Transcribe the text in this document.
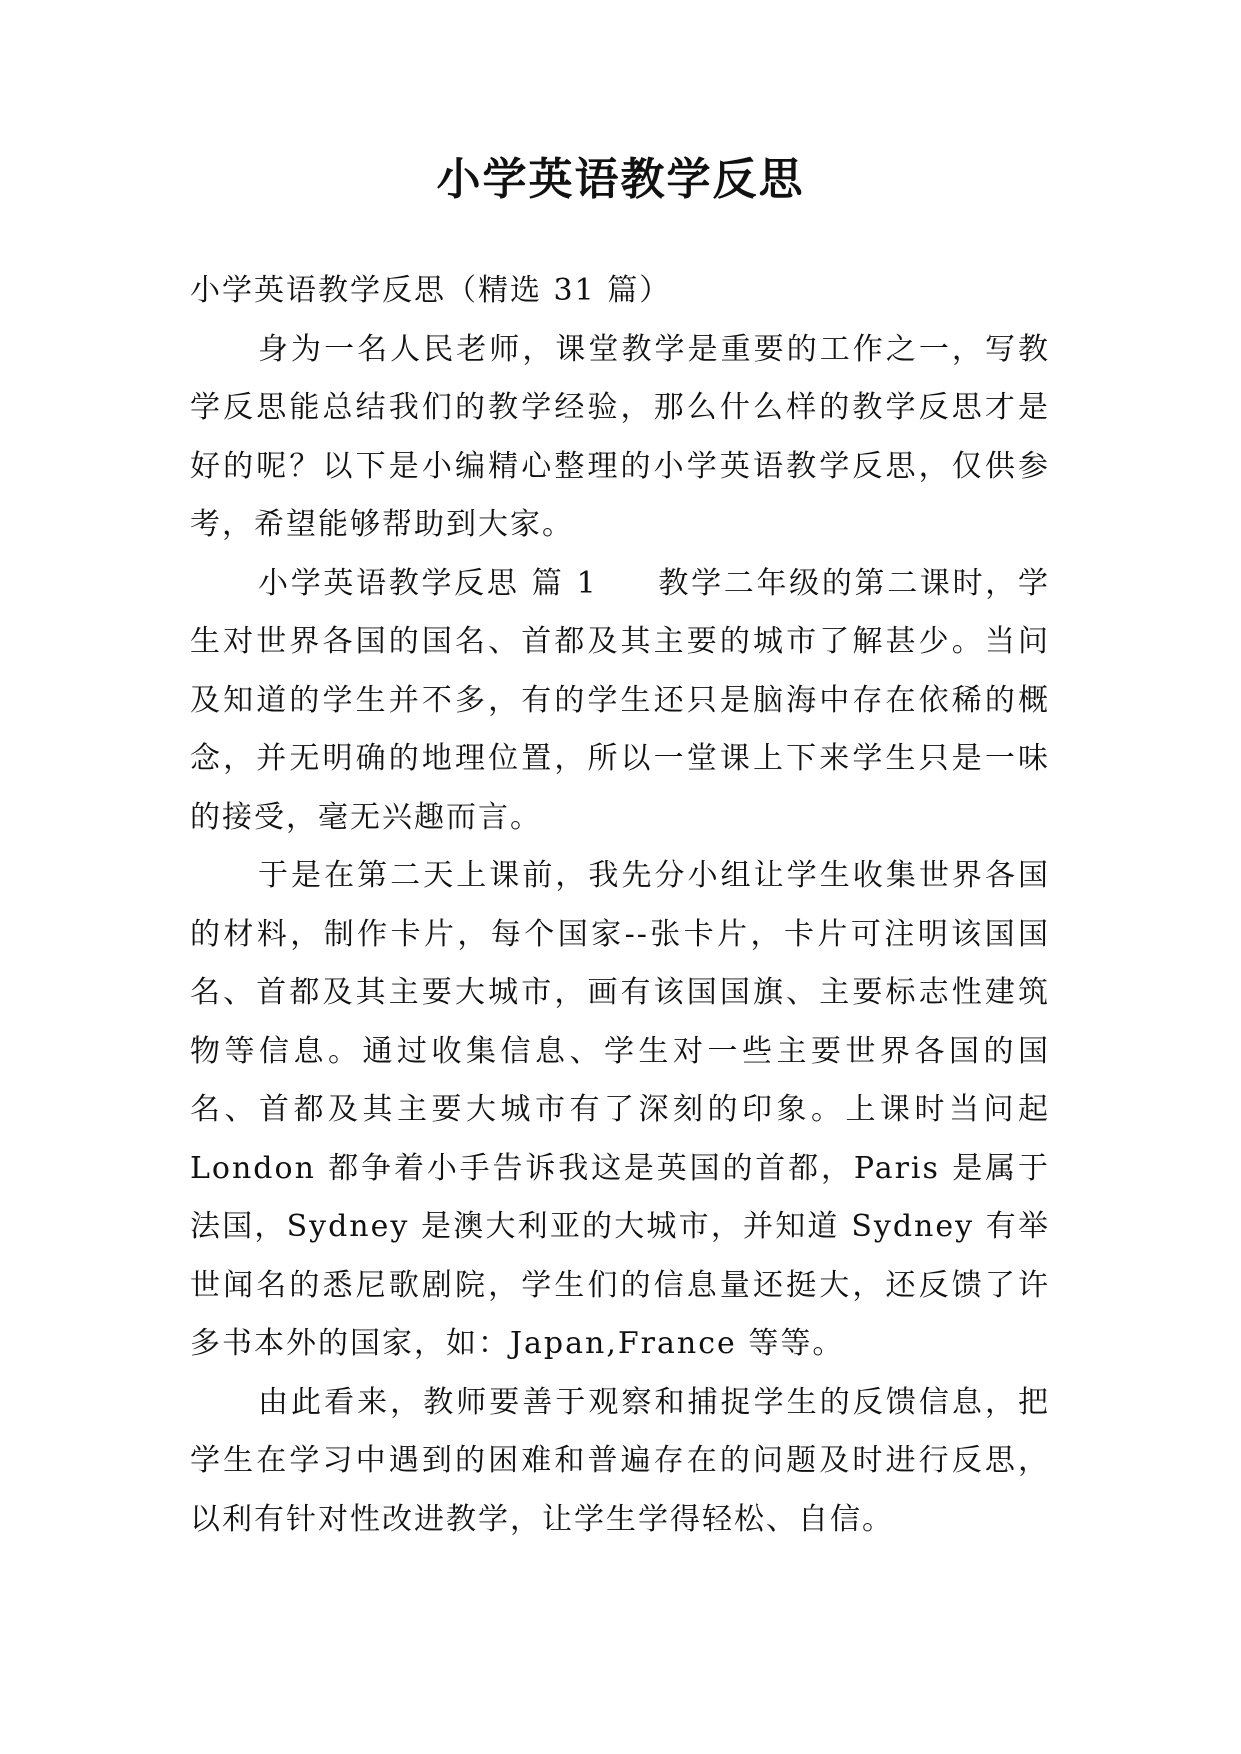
小学英语教学反思

小学英语教学反思（精选 31 篇）

身为一名人民老师，课堂教学是重要的工作之一，写教学反思能总结我们的教学经验，那么什么样的教学反思才是好的呢？以下是小编精心整理的小学英语教学反思，仅供参考，希望能够帮助到大家。

小学英语教学反思 篇 1 教学二年级的第二课时，学生对世界各国的国名、首都及其主要的城市了解甚少。当问及知道的学生并不多，有的学生还只是脑海中存在依稀的概念，并无明确的地理位置，所以一堂课上下来学生只是一味的接受，毫无兴趣而言。

于是在第二天上课前，我先分小组让学生收集世界各国的材料，制作卡片，每个国家--张卡片，卡片可注明该国国名、首都及其主要大城市，画有该国国旗、主要标志性建筑物等信息。通过收集信息、学生对一些主要世界各国的国名、首都及其主要大城市有了深刻的印象。上课时当问起 London 都争着小手告诉我这是英国的首都，Paris 是属于法国，Sydney 是澳大利亚的大城市，并知道 Sydney 有举世闻名的悉尼歌剧院，学生们的信息量还挺大，还反馈了许多书本外的国家，如：Japan,France 等等。

由此看来，教师要善于观察和捕捉学生的反馈信息，把学生在学习中遇到的困难和普遍存在的问题及时进行反思，以利有针对性改进教学，让学生学得轻松、自信。
